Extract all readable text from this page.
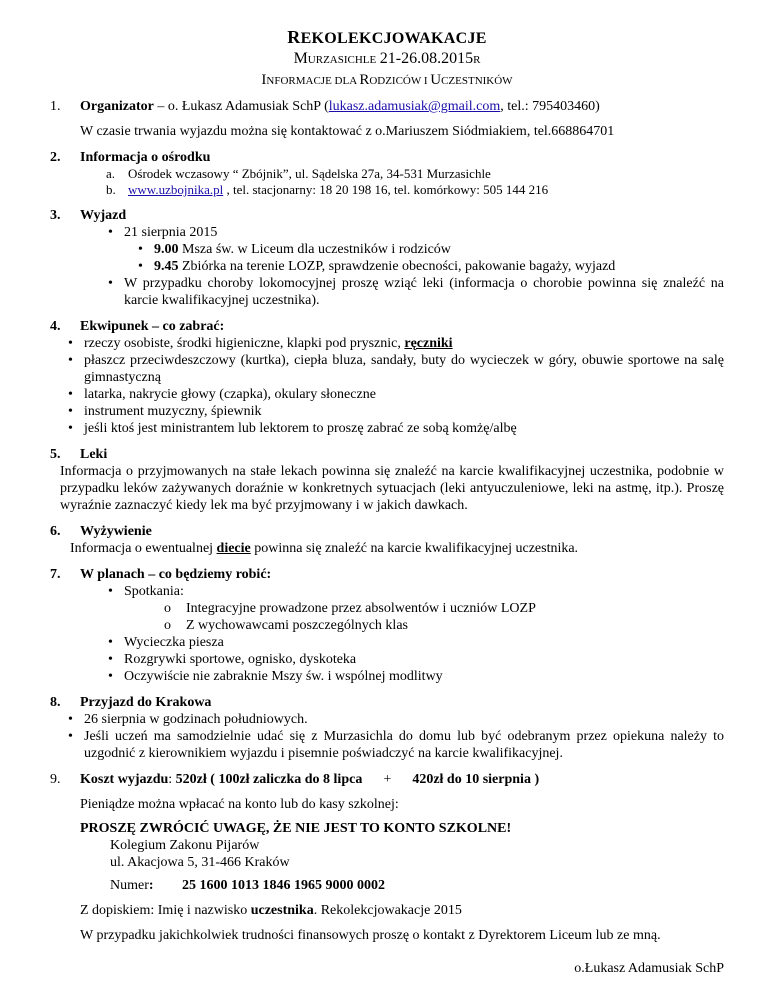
REKOLEKCJOWAKACJE
MURZASICHLE 21-26.08.2015R
INFORMACJE DLA RODZICÓW I UCZESTNIKÓW
1.	Organizator – o. Łukasz Adamusiak SchP (lukasz.adamusiak@gmail.com, tel.: 795403460)
W czasie trwania wyjazdu można się kontaktować z o.Mariuszem Siódmiakiem, tel.668864701
2.	Informacja o ośrodku
a. Ośrodek wczasowy “ Zbójnik”, ul. Sądelska 27a, 34-531 Murzasichle
b. www.uzbojnika.pl , tel. stacjonarny: 18 20 198 16, tel. komórkowy: 505 144 216
3.	Wyjazd
• 21 sierpnia 2015
• 9.00 Msza św. w Liceum dla uczestników i rodziców
• 9.45 Zbiórka na terenie LOZP, sprawdzenie obecności, pakowanie bagaży, wyjazd
• W przypadku choroby lokomocyjnej proszę wziąć leki (informacja o chorobie powinna się znaleźć na karcie kwalifikacyjnej uczestnika).
4.	Ekwipunek – co zabrać:
• rzeczy osobiste, środki higieniczne, klapki pod prysznic, ręczniki
• płaszcz przeciwdeszczowy (kurtka), ciepła bluza, sandały, buty do wycieczek w góry, obuwie sportowe na salę gimnastyczną
• latarka, nakrycie głowy (czapka), okulary słoneczne
• instrument muzyczny, śpiewnik
• jeśli ktoś jest ministrantem lub lektorem to proszę zabrać ze sobą komżę/albę
5.	Leki
Informacja o przyjmowanych na stałe lekach powinna się znaleźć na karcie kwalifikacyjnej uczestnika, podobnie w przypadku leków zażywanych doraźnie w konkretnych sytuacjach (leki antyuczuleniowe, leki na astmę, itp.). Proszę wyraźnie zaznaczyć kiedy lek ma być przyjmowany i w jakich dawkach.
6.	Wyżywienie
Informacja o ewentualnej diecie powinna się znaleźć na karcie kwalifikacyjnej uczestnika.
7.	W planach – co będziemy robić:
• Spotkania:
o Integracyjne prowadzone przez absolwentów i uczniów LOZP
o Z wychowawcami poszczególnych klas
• Wycieczka piesza
• Rozgrywki sportowe, ognisko, dyskoteka
• Oczywiście nie zabraknie Mszy św. i wspólnej modlitwy
8.	Przyjazd do Krakowa
• 26 sierpnia w godzinach południowych.
• Jeśli uczeń ma samodzielnie udać się z Murzasichla do domu lub być odebranym przez opiekuna należy to uzgodnić z kierownikiem wyjazdu i pisemnie poświadczyć na karcie kwalifikacyjnej.
9.	Koszt wyjazdu: 520zł ( 100zł zaliczka do 8 lipca + 420zł do 10 sierpnia )
Pieniądze można wpłacać na konto lub do kasy szkolnej:
PROSZĘ ZWRÓCIĆ UWAGĘ, ŻE NIE JEST TO KONTO SZKOLNE!
Kolegium Zakonu Pijarów
ul. Akacjowa 5, 31-466 Kraków
Numer:	25 1600 1013 1846 1965 9000 0002
Z dopiskiem: Imię i nazwisko uczestnika. Rekolekcjowakacje 2015
W przypadku jakichkolwiek trudności finansowych proszę o kontakt z Dyrektorem Liceum lub ze mną.
o.Łukasz Adamusiak SchP
